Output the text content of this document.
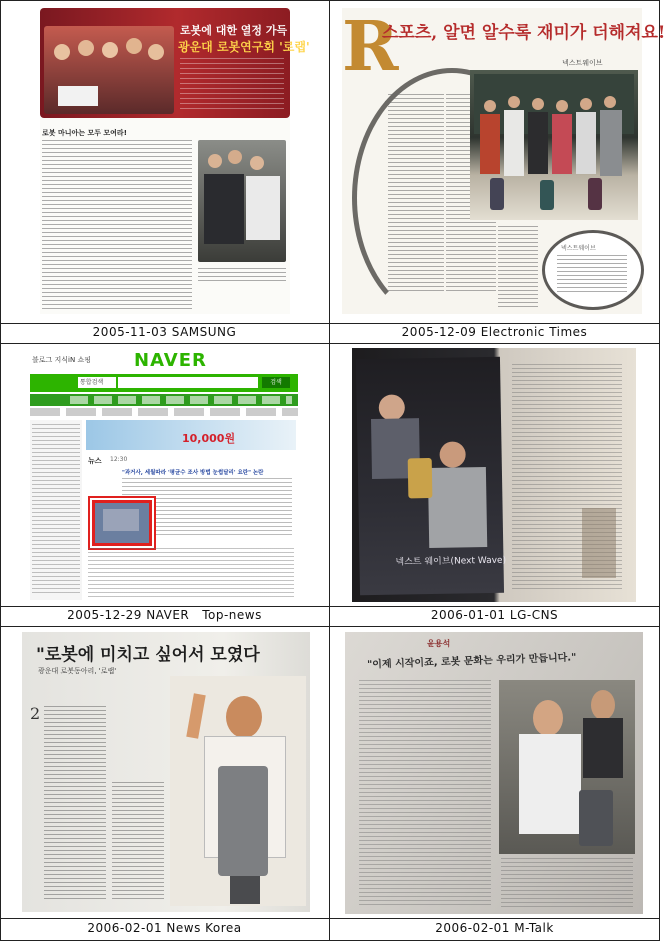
로봇에 대한 열정 가득
광운대 로봇연구회 '로랩'
로봇 마니아는 모두 모여라!
2005-11-03 SAMSUNG
R
스포츠, 알면 알수록 재미가 더해져요!
넥스트웨이브
넥스트웨이브
2005-12-09 Electronic Times
블로그 지식iN 쇼핑 NAVER
통합검색	검색
10,000원
뉴스 12:30
"과거사, 세월따라 '평균수 조사 방법 눈썹달리' 요란" 논란
2005-12-29 NAVER   Top-news
넥스트 웨이브(Next Wave)
2006-01-01 LG-CNS
"로봇에 미치고 싶어서 모였다
광운대 로봇동아리, '로랩'
2
2006-02-01 News Korea
윤용석
"이제 시작이죠, 로봇 문화는 우리가 만듭니다."
2006-02-01 M-Talk
